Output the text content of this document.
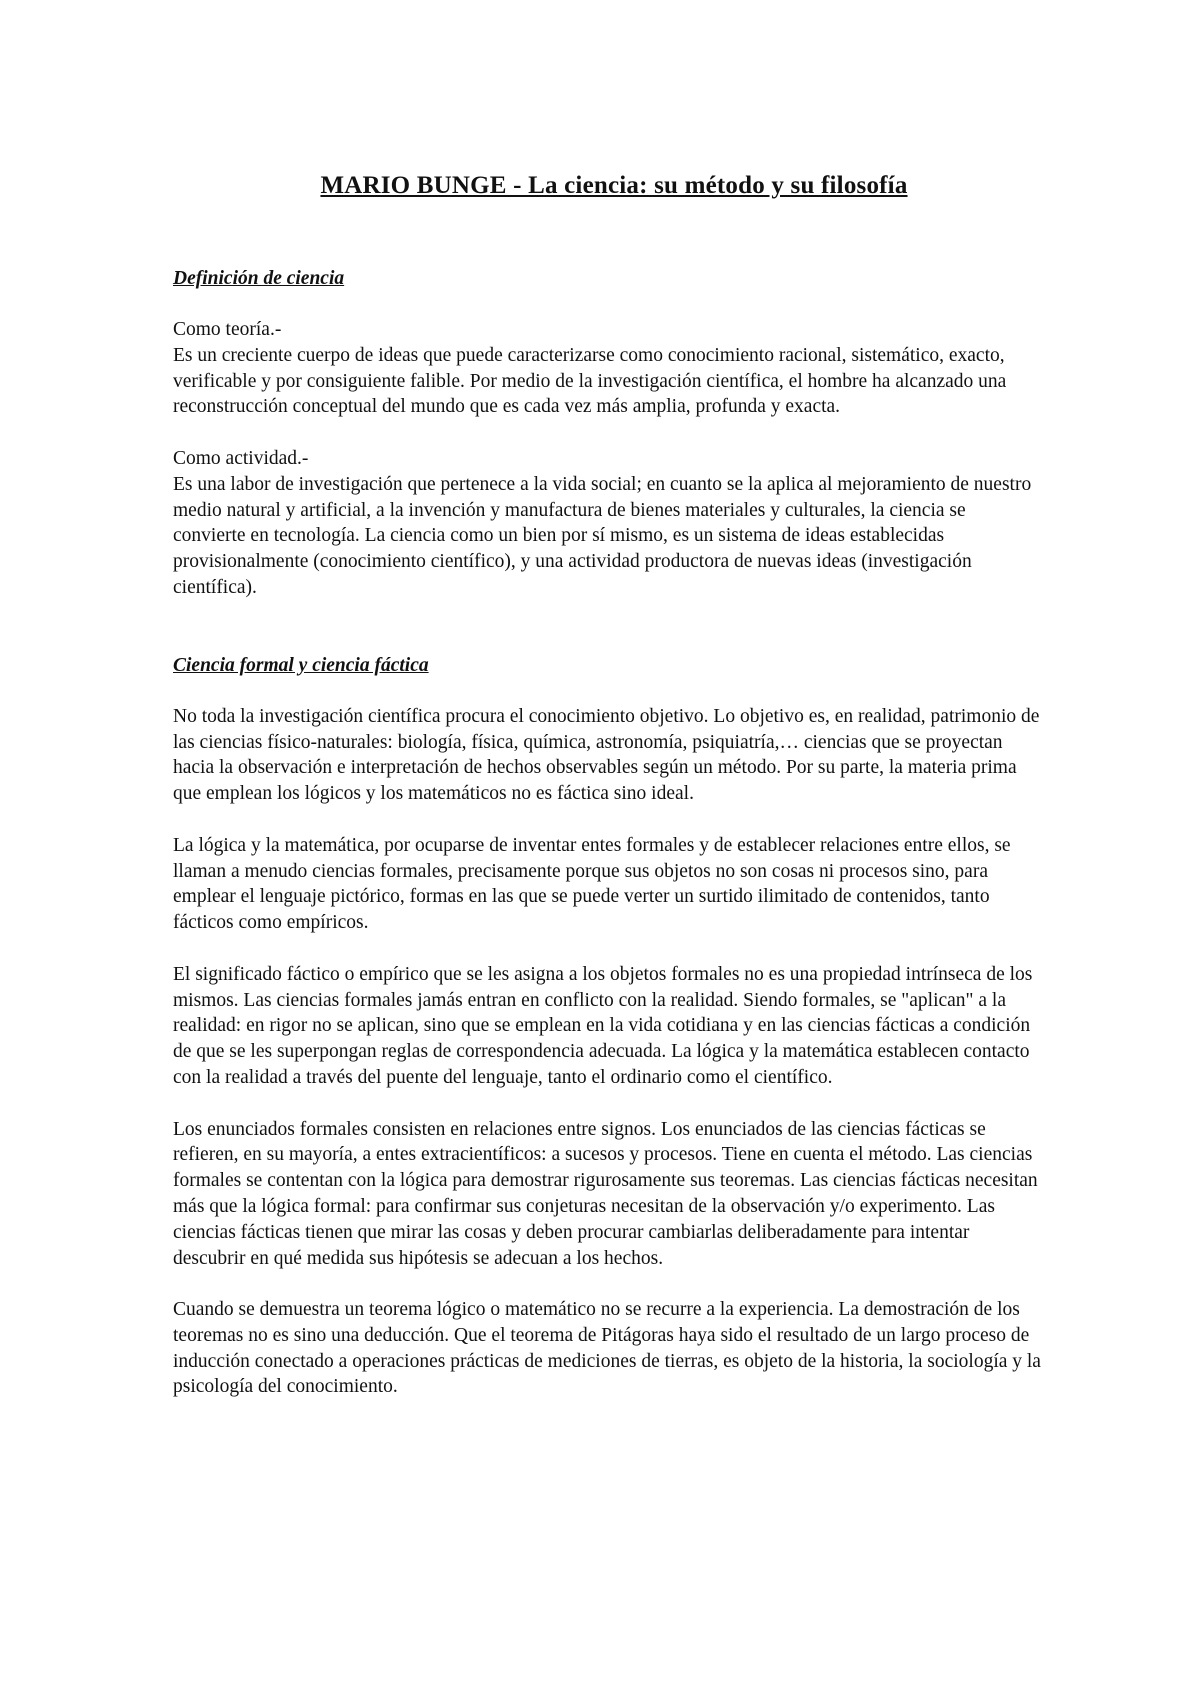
MARIO BUNGE - La ciencia: su método y su filosofía
Definición de ciencia

Como teoría.-

Es un creciente cuerpo de ideas que puede caracterizarse como conocimiento racional, sistemático, exacto, verificable y por consiguiente falible. Por medio de la investigación científica, el hombre ha alcanzado una reconstrucción conceptual del mundo que es cada vez más amplia, profunda y exacta.

Como actividad.-

Es una labor de investigación que pertenece a la vida social; en cuanto se la aplica al mejoramiento de nuestro medio natural y artificial, a la invención y manufactura de bienes materiales y culturales, la ciencia se convierte en tecnología. La ciencia como un bien por sí mismo, es un sistema de ideas establecidas provisionalmente (conocimiento científico), y una actividad productora de nuevas ideas (investigación científica).

Ciencia formal y ciencia fáctica

No toda la investigación científica procura el conocimiento objetivo. Lo objetivo es, en realidad, patrimonio de las ciencias físico-naturales: biología, física, química, astronomía, psiquiatría,… ciencias que se proyectan hacia la observación e interpretación de hechos observables según un método. Por su parte, la materia prima que emplean los lógicos y los matemáticos no es fáctica sino ideal.

La lógica y la matemática, por ocuparse de inventar entes formales y de establecer relaciones entre ellos, se llaman a menudo ciencias formales, precisamente porque sus objetos no son cosas ni procesos sino, para emplear el lenguaje pictórico, formas en las que se puede verter un surtido ilimitado de contenidos, tanto fácticos como empíricos.

El significado fáctico o empírico que se les asigna a los objetos formales no es una propiedad intrínseca de los mismos. Las ciencias formales jamás entran en conflicto con la realidad. Siendo formales, se "aplican" a la realidad: en rigor no se aplican, sino que se emplean en la vida cotidiana y en las ciencias fácticas a condición de que se les superpongan reglas de correspondencia adecuada. La lógica y la matemática establecen contacto con la realidad a través del puente del lenguaje, tanto el ordinario como el científico.

Los enunciados formales consisten en relaciones entre signos. Los enunciados de las ciencias fácticas se refieren, en su mayoría, a entes extracientíficos: a sucesos y procesos. Tiene en cuenta el método. Las ciencias formales se contentan con la lógica para demostrar rigurosamente sus teoremas. Las ciencias fácticas necesitan más que la lógica formal: para confirmar sus conjeturas necesitan de la observación y/o experimento. Las ciencias fácticas tienen que mirar las cosas y deben procurar cambiarlas deliberadamente para intentar descubrir en qué medida sus hipótesis se adecuan a los hechos.

Cuando se demuestra un teorema lógico o matemático no se recurre a la experiencia. La demostración de los teoremas no es sino una deducción. Que el teorema de Pitágoras haya sido el resultado de un largo proceso de inducción conectado a operaciones prácticas de mediciones de tierras, es objeto de la historia, la sociología y la psicología del conocimiento.
